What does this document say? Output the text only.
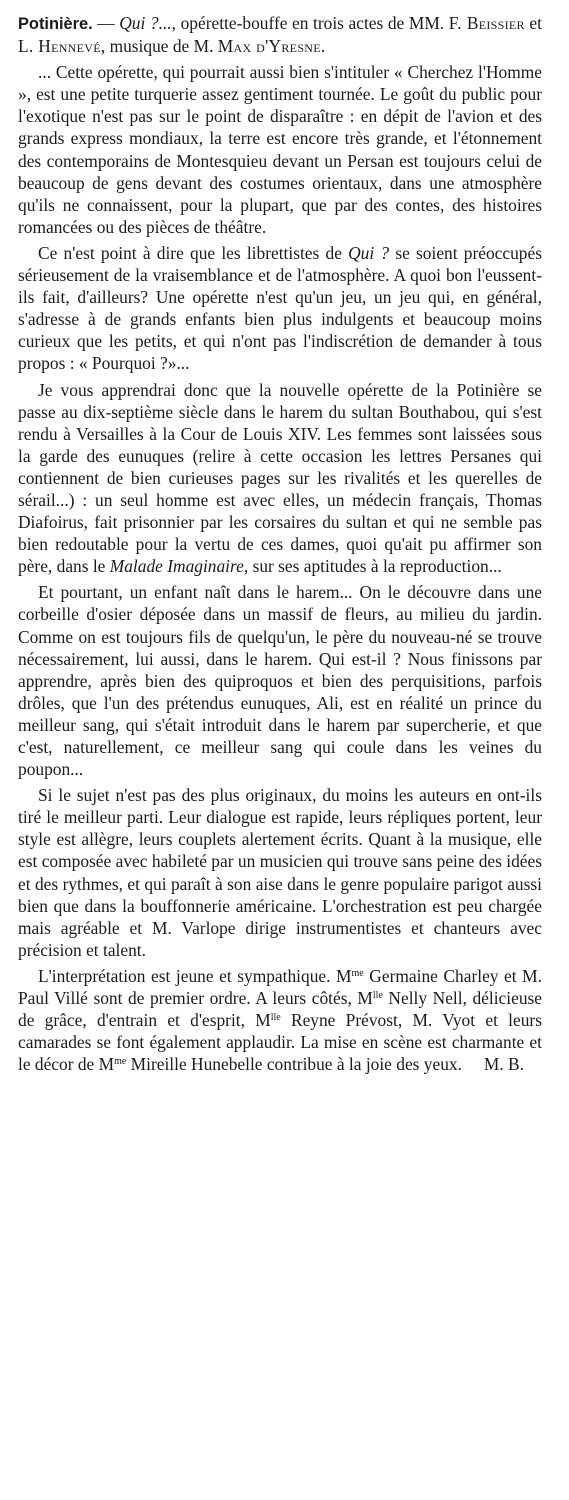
Potinière. — Qui ?..., opérette-bouffe en trois actes de MM. F. Beissier et L. Hennevé, musique de M. Max d'Yresne.

... Cette opérette, qui pourrait aussi bien s'intituler « Cherchez l'Homme », est une petite turquerie assez gentiment tournée. Le goût du public pour l'exotique n'est pas sur le point de disparaître : en dépit de l'avion et des grands express mondiaux, la terre est encore très grande, et l'étonnement des contemporains de Montesquieu devant un Persan est toujours celui de beaucoup de gens devant des costumes orientaux, dans une atmosphère qu'ils ne connaissent, pour la plupart, que par des contes, des histoires romancées ou des pièces de théâtre.

Ce n'est point à dire que les librettistes de Qui ? se soient préoccupés sérieusement de la vraisemblance et de l'atmosphère. A quoi bon l'eussent-ils fait, d'ailleurs? Une opérette n'est qu'un jeu, un jeu qui, en général, s'adresse à de grands enfants bien plus indulgents et beaucoup moins curieux que les petits, et qui n'ont pas l'indiscrétion de demander à tous propos : « Pourquoi ?»...

Je vous apprendrai donc que la nouvelle opérette de la Potinière se passe au dix-septième siècle dans le harem du sultan Bouthabou, qui s'est rendu à Versailles à la Cour de Louis XIV. Les femmes sont laissées sous la garde des eunuques (relire à cette occasion les lettres Persanes qui contiennent de bien curieuses pages sur les rivalités et les querelles de sérail...) : un seul homme est avec elles, un médecin français, Thomas Diafoirus, fait prisonnier par les corsaires du sultan et qui ne semble pas bien redoutable pour la vertu de ces dames, quoi qu'ait pu affirmer son père, dans le Malade Imaginaire, sur ses aptitudes à la reproduction...

Et pourtant, un enfant naît dans le harem... On le découvre dans une corbeille d'osier déposée dans un massif de fleurs, au milieu du jardin. Comme on est toujours fils de quelqu'un, le père du nouveau-né se trouve nécessairement, lui aussi, dans le harem. Qui est-il ? Nous finissons par apprendre, après bien des quiproquos et bien des perquisitions, parfois drôles, que l'un des prétendus eunuques, Ali, est en réalité un prince du meilleur sang, qui s'était introduit dans le harem par supercherie, et que c'est, naturellement, ce meilleur sang qui coule dans les veines du poupon...

Si le sujet n'est pas des plus originaux, du moins les auteurs en ont-ils tiré le meilleur parti. Leur dialogue est rapide, leurs répliques portent, leur style est allègre, leurs couplets alertement écrits. Quant à la musique, elle est composée avec habileté par un musicien qui trouve sans peine des idées et des rythmes, et qui paraît à son aise dans le genre populaire parigot aussi bien que dans la bouffonnerie américaine. L'orchestration est peu chargée mais agréable et M. Varlope dirige instrumentistes et chanteurs avec précision et talent.

L'interprétation est jeune et sympathique. $M^{me}$ Germaine Charley et M. Paul Villé sont de premier ordre. A leurs côtés, $M^{lle}$ Nelly Nell, délicieuse de grâce, d'entrain et d'esprit, $M^{lle}$ Reyne Prévost, M. Vyot et leurs camarades se font également applaudir. La mise en scène est charmante et le décor de $M^{me}$ Mireille Hunebelle contribue à la joie des yeux.	M. B.
